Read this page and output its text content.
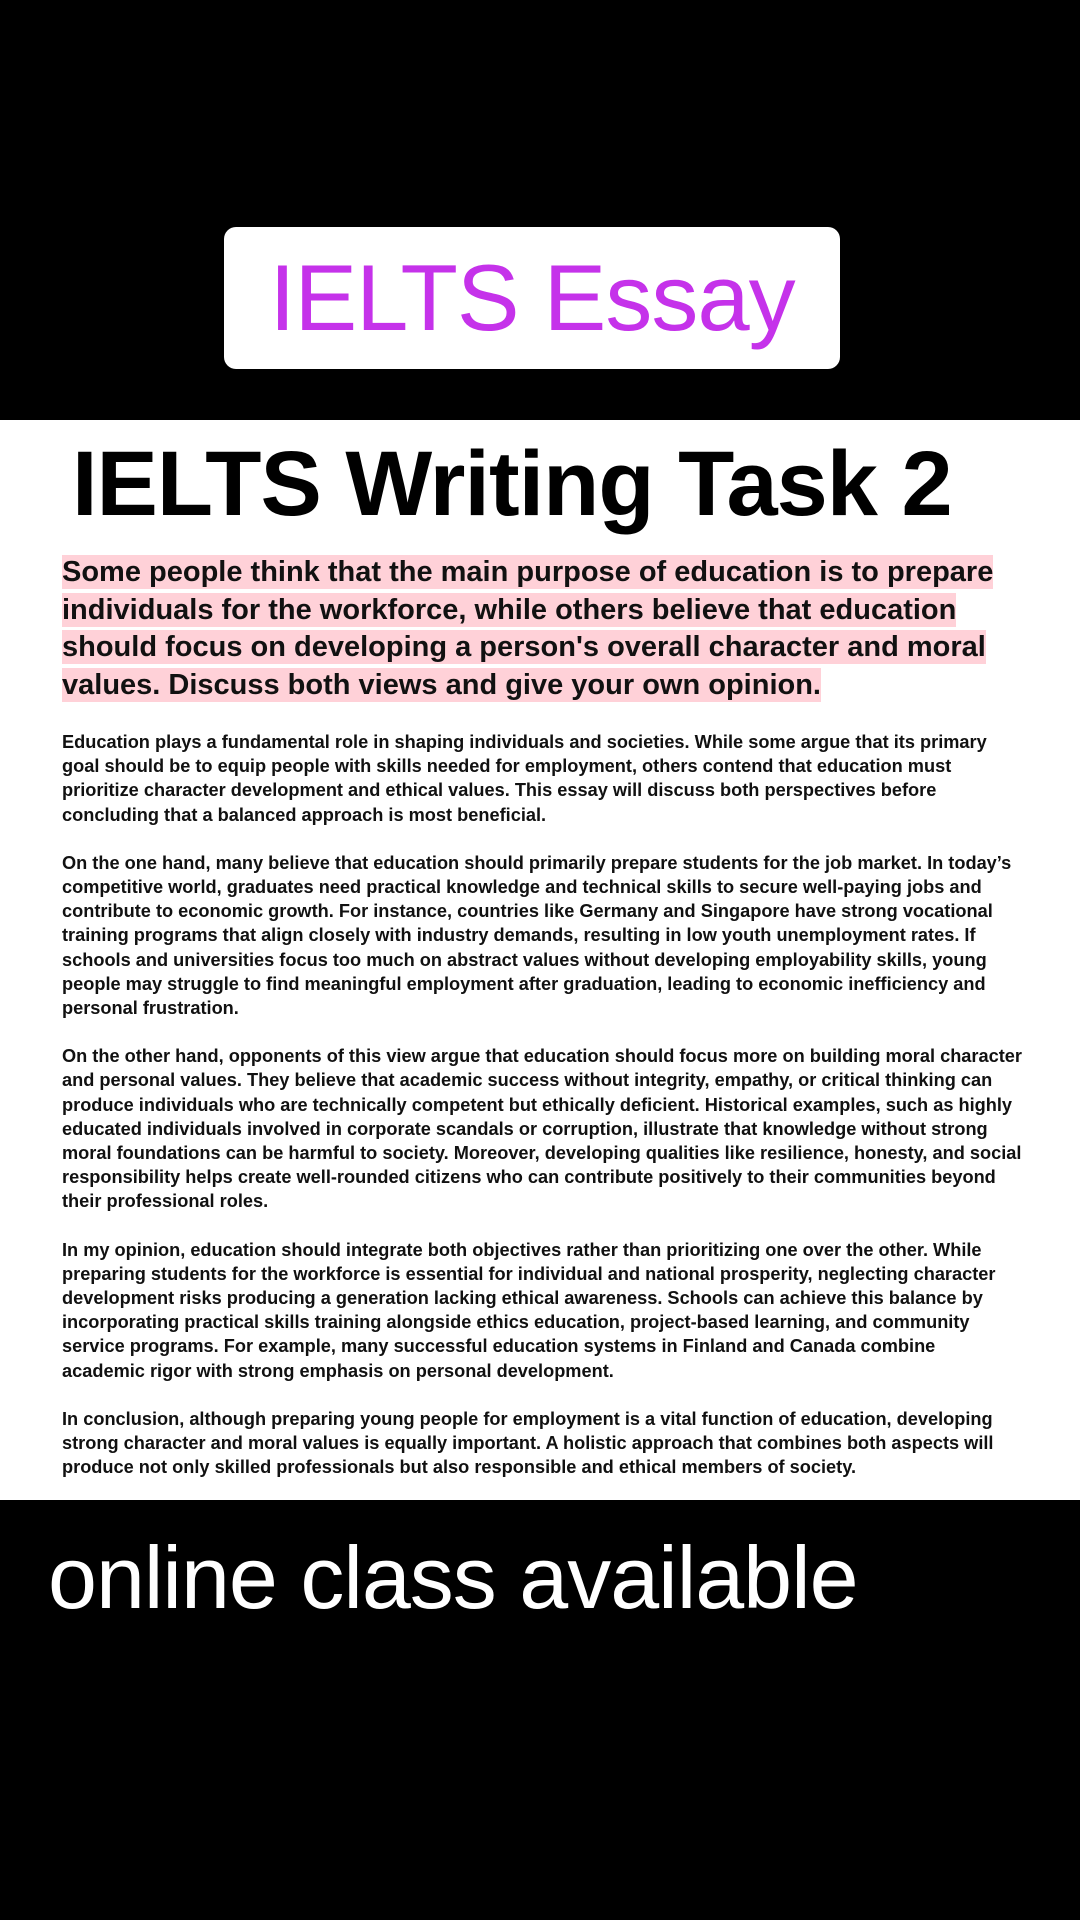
IELTS Essay
IELTS Writing Task 2
Some people think that the main purpose of education is to prepare individuals for the workforce, while others believe that education should focus on developing a person's overall character and moral values. Discuss both views and give your own opinion.

Education plays a fundamental role in shaping individuals and societies. While some argue that its primary goal should be to equip people with skills needed for employment, others contend that education must prioritize character development and ethical values. This essay will discuss both perspectives before concluding that a balanced approach is most beneficial.

On the one hand, many believe that education should primarily prepare students for the job market. In today’s competitive world, graduates need practical knowledge and technical skills to secure well-paying jobs and contribute to economic growth. For instance, countries like Germany and Singapore have strong vocational training programs that align closely with industry demands, resulting in low youth unemployment rates. If schools and universities focus too much on abstract values without developing employability skills, young people may struggle to find meaningful employment after graduation, leading to economic inefficiency and personal frustration.

On the other hand, opponents of this view argue that education should focus more on building moral character and personal values. They believe that academic success without integrity, empathy, or critical thinking can produce individuals who are technically competent but ethically deficient. Historical examples, such as highly educated individuals involved in corporate scandals or corruption, illustrate that knowledge without strong moral foundations can be harmful to society. Moreover, developing qualities like resilience, honesty, and social responsibility helps create well-rounded citizens who can contribute positively to their communities beyond their professional roles.

In my opinion, education should integrate both objectives rather than prioritizing one over the other. While preparing students for the workforce is essential for individual and national prosperity, neglecting character development risks producing a generation lacking ethical awareness. Schools can achieve this balance by incorporating practical skills training alongside ethics education, project-based learning, and community service programs. For example, many successful education systems in Finland and Canada combine academic rigor with strong emphasis on personal development.

In conclusion, although preparing young people for employment is a vital function of education, developing strong character and moral values is equally important. A holistic approach that combines both aspects will produce not only skilled professionals but also responsible and ethical members of society.

online class available
